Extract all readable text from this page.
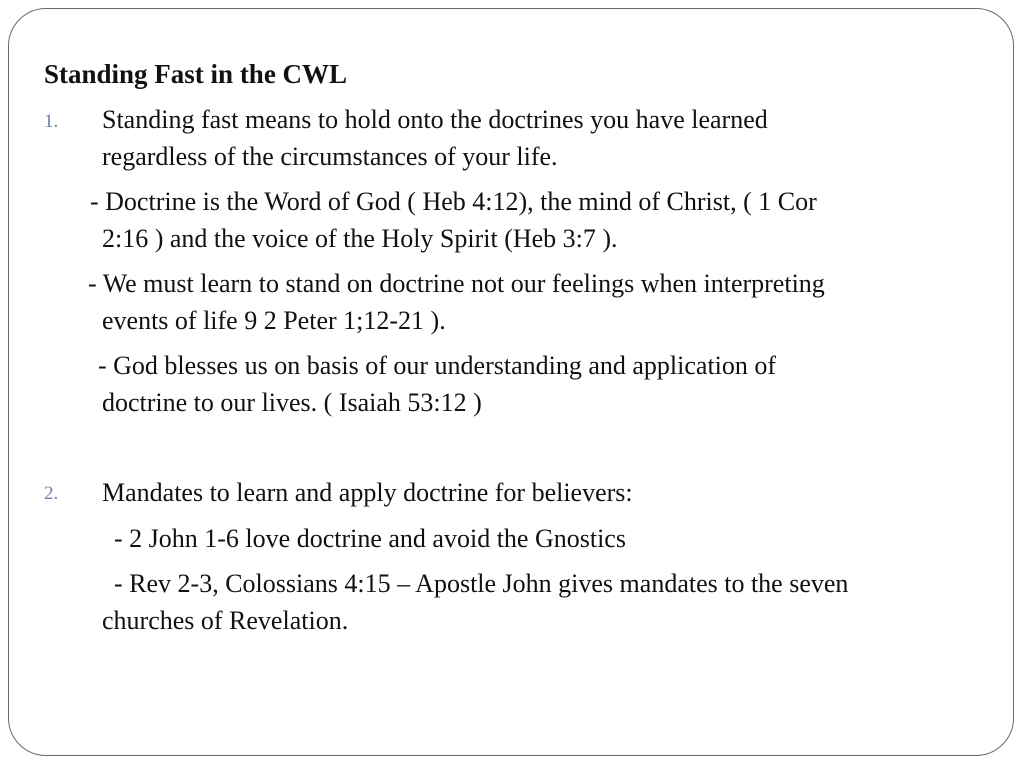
Standing Fast in the CWL
1. Standing fast means to hold onto the doctrines you have learned
regardless of the circumstances of your life.
- Doctrine is the Word of God ( Heb 4:12), the mind of Christ, ( 1 Cor
2:16 ) and the voice of the Holy Spirit (Heb 3:7 ).
- We must learn to stand on doctrine not our feelings when interpreting
events of life 9 2 Peter 1;12-21 ).
- God blesses us on basis of our understanding and application of
doctrine to our lives. ( Isaiah 53:12 )
2. Mandates to learn and apply doctrine for believers:
- 2 John 1-6 love doctrine and avoid the Gnostics
- Rev 2-3, Colossians 4:15 – Apostle John gives mandates to the seven
churches of Revelation.
